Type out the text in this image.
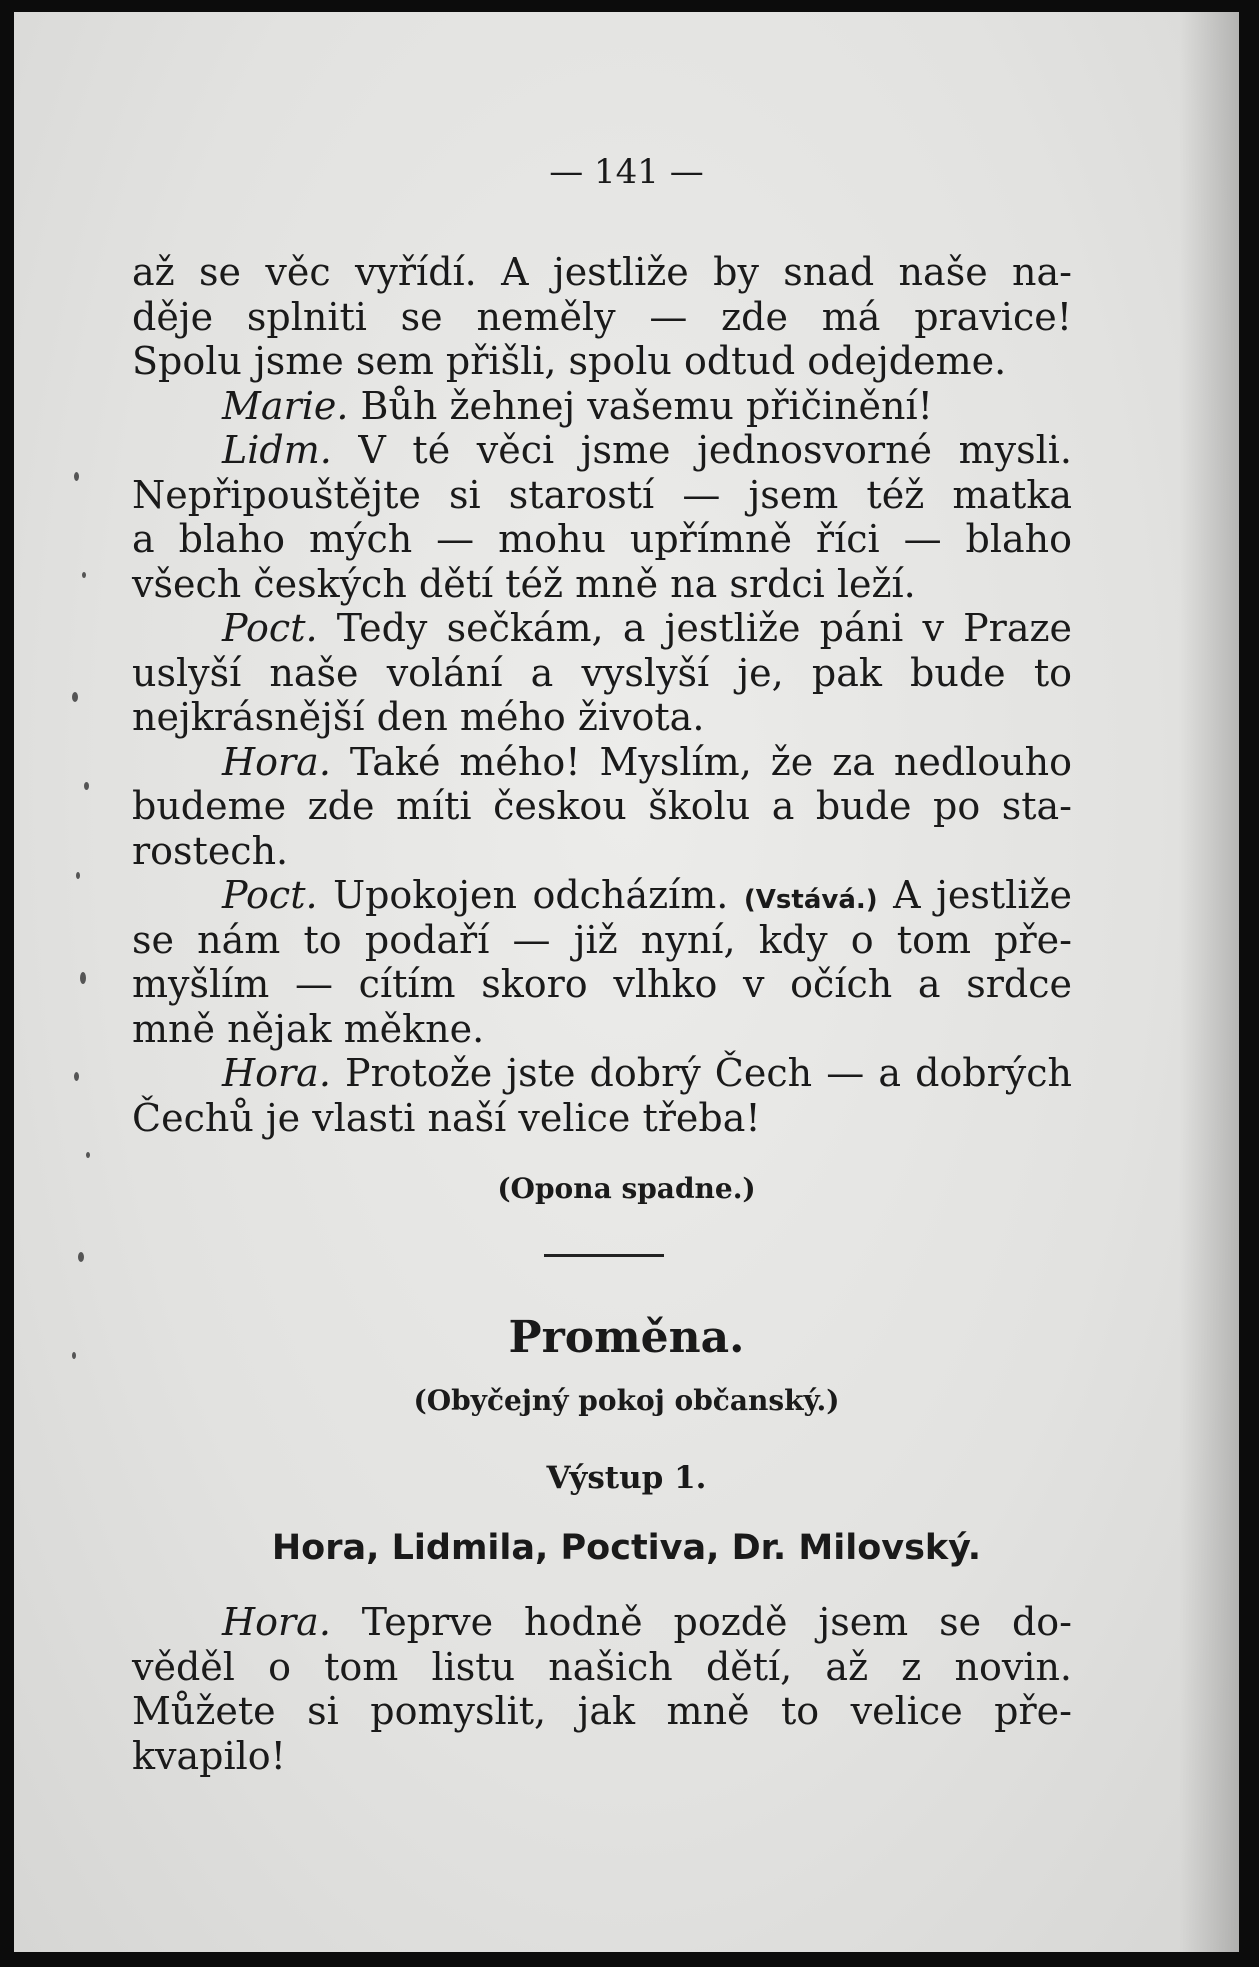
— 141 —
až se věc vyřídí. A jestliže by snad naše na-
děje splniti se neměly — zde má pravice!
Spolu jsme sem přišli, spolu odtud odejdeme.
Marie. Bůh žehnej vašemu přičinění!
Lidm. V té věci jsme jednosvorné mysli.
Nepřipouštějte si starostí — jsem též matka
a blaho mých — mohu upřímně říci — blaho
všech českých dětí též mně na srdci leží.
Poct. Tedy sečkám, a jestliže páni v Praze
uslyší naše volání a vyslyší je, pak bude to
nejkrásnější den mého života.
Hora. Také mého! Myslím, že za nedlouho
budeme zde míti českou školu a bude po sta-
rostech.
Poct. Upokojen odcházím. (Vstává.) A jestliže
se nám to podaří — již nyní, kdy o tom pře-
myšlím — cítím skoro vlhko v očích a srdce
mně nějak měkne.
Hora. Protože jste dobrý Čech — a dobrých
Čechů je vlasti naší velice třeba!
(Opona spadne.)
Proměna.
(Obyčejný pokoj občanský.)
Výstup 1.
Hora, Lidmila, Poctiva, Dr. Milovský.
Hora. Teprve hodně pozdě jsem se do-
věděl o tom listu našich dětí, až z novin.
Můžete si pomyslit, jak mně to velice pře-
kvapilo!
